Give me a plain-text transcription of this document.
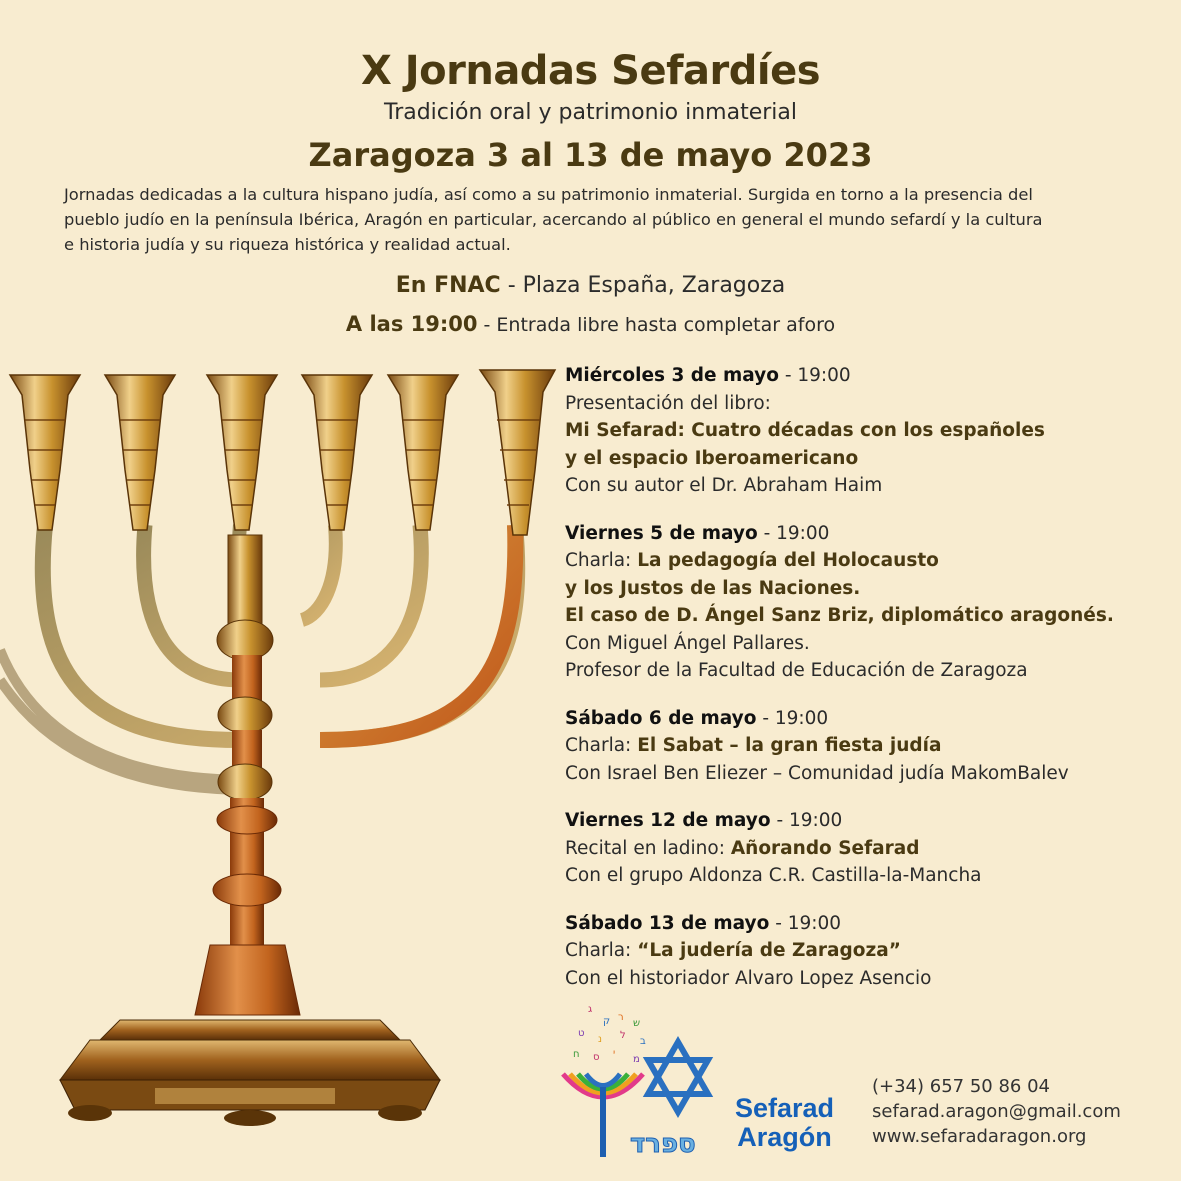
X Jornadas Sefardíes
Tradición oral y patrimonio inmaterial
Zaragoza 3 al 13 de mayo 2023
Jornadas dedicadas a la cultura hispano judía, así como a su patrimonio inmaterial. Surgida en torno a la presencia del
pueblo judío en la península Ibérica, Aragón en particular, acercando al público en general el mundo sefardí y la cultura
e historia judía y su riqueza histórica y realidad actual.
En FNAC - Plaza España, Zaragoza
A las 19:00 - Entrada libre hasta completar aforo
Miércoles 3 de mayo - 19:00
Presentación del libro:
Mi Sefarad: Cuatro décadas con los españoles
y el espacio Iberoamericano
Con su autor el Dr. Abraham Haim
Viernes 5 de mayo - 19:00
Charla: La pedagogía del Holocausto
y los Justos de las Naciones.
El caso de D. Ángel Sanz Briz, diplomático aragonés.
Con Miguel Ángel Pallares.
Profesor de la Facultad de Educación de Zaragoza
Sábado 6 de mayo - 19:00
Charla: El Sabat – la gran fiesta judía
Con Israel Ben Eliezer – Comunidad judía MakomBalev
Viernes 12 de mayo - 19:00
Recital en ladino: Añorando Sefarad
Con el grupo Aldonza C.R. Castilla-la-Mancha
Sábado 13 de mayo - 19:00
Charla: “La judería de Zaragoza”
Con el historiador Alvaro Lopez Asencio
ג
ק ר
ש
ט
נ ל
ב
ח ס י
מ
ספרד
Sefarad
Aragón
(+34) 657 50 86 04
sefarad.aragon@gmail.com
www.sefaradaragon.org
